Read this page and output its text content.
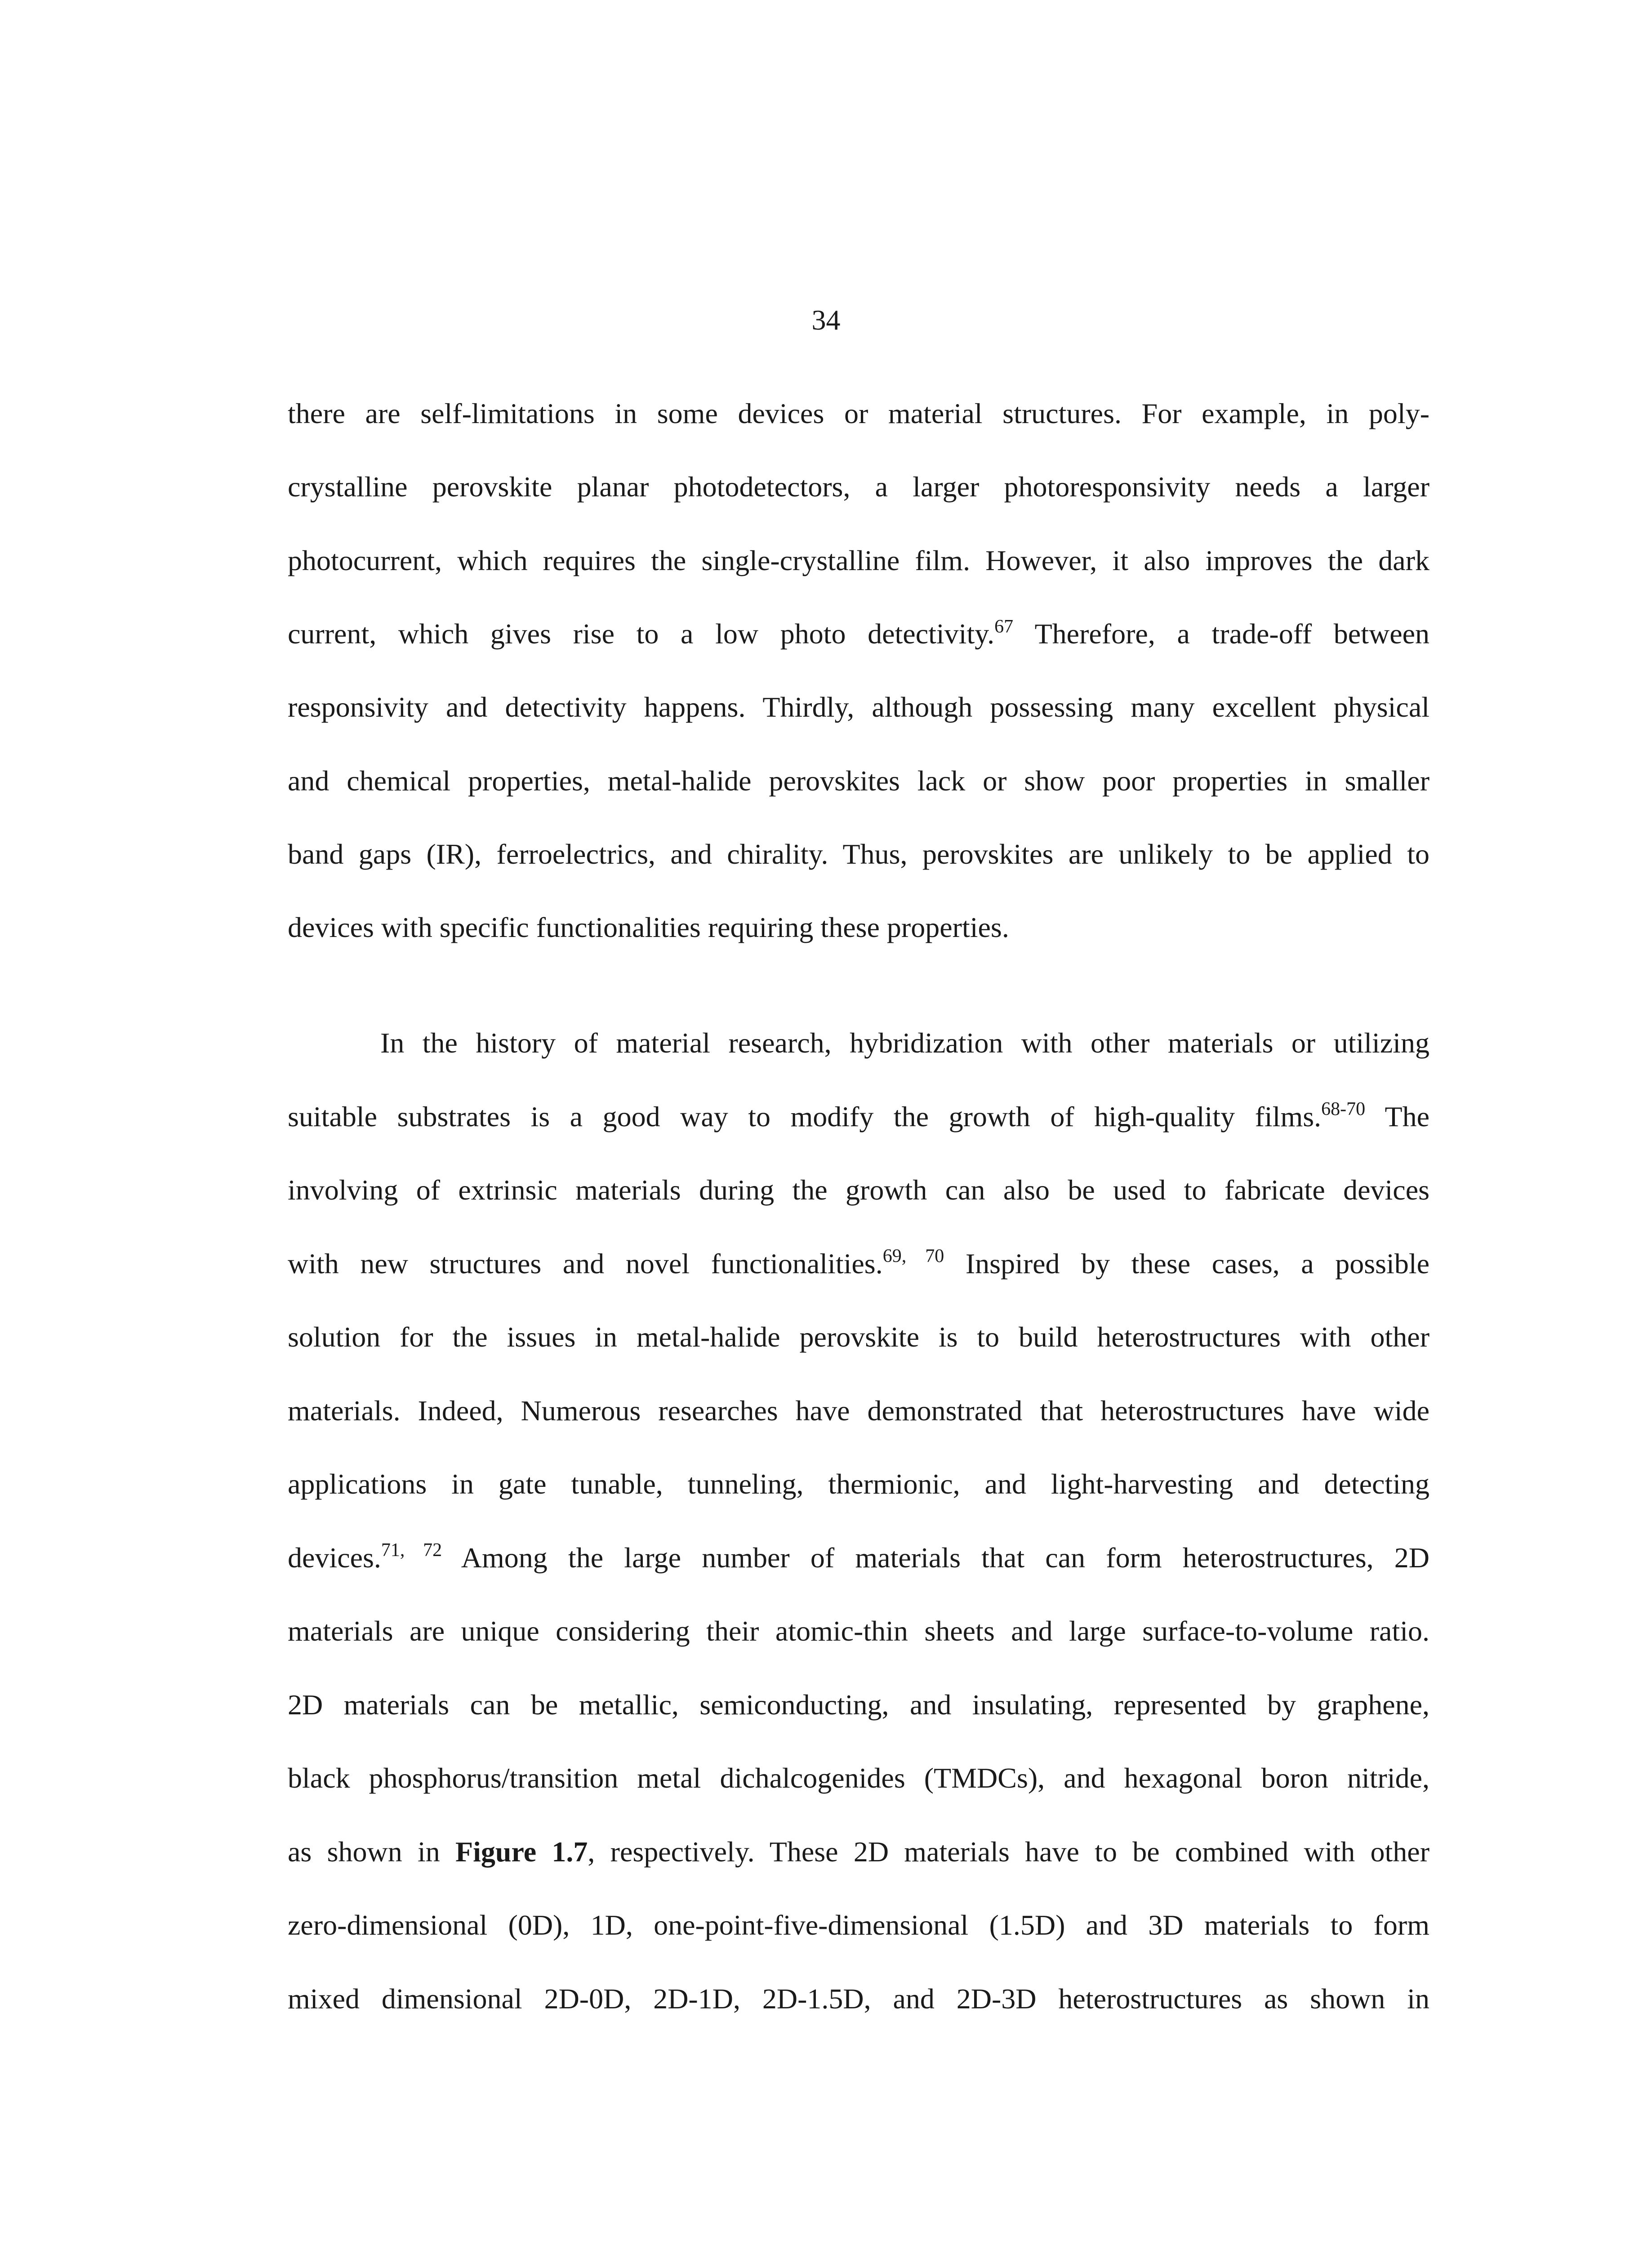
34
there are self-limitations in some devices or material structures. For example, in poly-
crystalline perovskite planar photodetectors, a larger photoresponsivity needs a larger
photocurrent, which requires the single-crystalline film. However, it also improves the dark
current, which gives rise to a low photo detectivity.$^{67}$ Therefore, a trade-off between
responsivity and detectivity happens. Thirdly, although possessing many excellent physical
and chemical properties, metal-halide perovskites lack or show poor properties in smaller
band gaps (IR), ferroelectrics, and chirality. Thus, perovskites are unlikely to be applied to
devices with specific functionalities requiring these properties.
In the history of material research, hybridization with other materials or utilizing
suitable substrates is a good way to modify the growth of high-quality films.$^{68-70}$ The
involving of extrinsic materials during the growth can also be used to fabricate devices
with new structures and novel functionalities.$^{69, 70}$ Inspired by these cases, a possible
solution for the issues in metal-halide perovskite is to build heterostructures with other
materials. Indeed, Numerous researches have demonstrated that heterostructures have wide
applications in gate tunable, tunneling, thermionic, and light-harvesting and detecting
devices.$^{71, 72}$ Among the large number of materials that can form heterostructures, 2D
materials are unique considering their atomic-thin sheets and large surface-to-volume ratio.
2D materials can be metallic, semiconducting, and insulating, represented by graphene,
black phosphorus/transition metal dichalcogenides (TMDCs), and hexagonal boron nitride,
as shown in Figure 1.7, respectively. These 2D materials have to be combined with other
zero-dimensional (0D), 1D, one-point-five-dimensional (1.5D) and 3D materials to form
mixed dimensional 2D-0D, 2D-1D, 2D-1.5D, and 2D-3D heterostructures as shown in
